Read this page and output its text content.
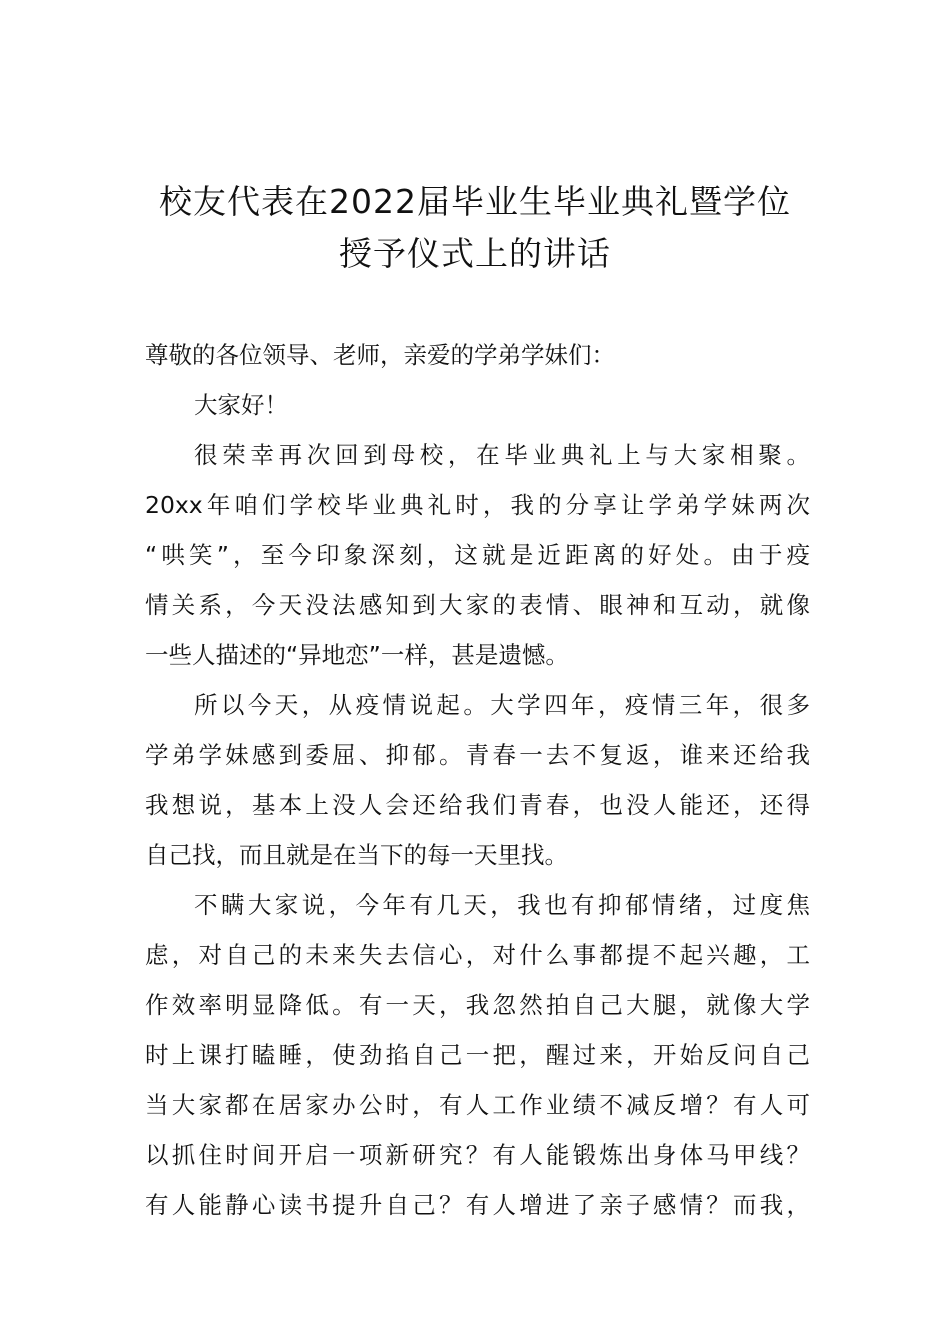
校友代表在2022届毕业生毕业典礼暨学位
授予仪式上的讲话
尊敬的各位领导、老师，亲爱的学弟学妹们：
大家好！
很荣幸再次回到母校，在毕业典礼上与大家相聚。
20xx年咱们学校毕业典礼时，我的分享让学弟学妹两次
“哄笑”，至今印象深刻，这就是近距离的好处。由于疫
情关系，今天没法感知到大家的表情、眼神和互动，就像
一些人描述的“异地恋”一样，甚是遗憾。
所以今天，从疫情说起。大学四年，疫情三年，很多
学弟学妹感到委屈、抑郁。青春一去不复返，谁来还给我
我想说，基本上没人会还给我们青春，也没人能还，还得
自己找，而且就是在当下的每一天里找。
不瞒大家说，今年有几天，我也有抑郁情绪，过度焦
虑，对自己的未来失去信心，对什么事都提不起兴趣，工
作效率明显降低。有一天，我忽然拍自己大腿，就像大学
时上课打瞌睡，使劲掐自己一把，醒过来，开始反问自己
当大家都在居家办公时，有人工作业绩不减反增？有人可
以抓住时间开启一项新研究？有人能锻炼出身体马甲线？
有人能静心读书提升自己？有人增进了亲子感情？而我，
